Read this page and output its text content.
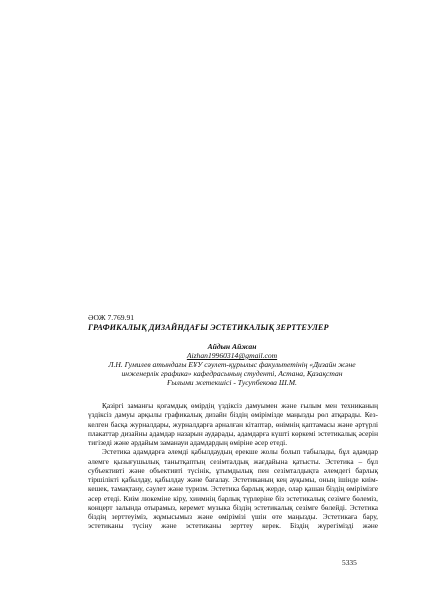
ӘОЖ 7.769.91
ГРАФИКАЛЫҚ ДИЗАЙНДАҒЫ ЭСТЕТИКАЛЫҚ ЗЕРТТЕУЛЕР
Айдын Айжан
Aizhan19960314@gmail.com
Л.Н. Гумилев атындағы ЕҰУ сәулет-құрылыс факультетінің «Дизайн және
инженерлік графика» кафедрасының студенті, Астана, Қазақстан
Ғылыми жетекшісі - Тусупбекова Ш.М.

Қазіргі заманғы қоғамдық өмірдің үздіксіз дамуымен және ғылым мен техниканың
үздіксіз дамуы арқылы графикалық дизайн біздің өмірімізде маңызды рөл атқарады. Кез-
келген басқа журналдары, журналдарға арналған кітаптар, өнімнің қаптамасы және әртүрлі
плакаттар дизайны адамдар назарын аударады, адамдарға күшті көркемі эстетикалық әсерін
тигізеді және әрдайым заманауи адамдардың өміріне әсер етеді.

Эстетика адамдарға әлемді қабылдаудың ерекше жолы болып табылады, бұл адамдар
әлемге қызығушылық танытқаптың сезімталдық жағдайына қатысты. Эстетика – бұл
субъективті және объективті түсінік, ұтымдылық пен сезімталдықта әлемдегі барлық
тіршілікті қабылдау, қабылдау және бағалау. Эстетиканың кең ауқымы, оның ішінде киім-
кешек, тамақтану, сәулет және туризм. Эстетика барлық жерде, олар қашан біздің өмірімізге
әсер етеді. Киім люкеміне кіру, хиимнің барлық түрлеріне біз эстетикалық сезімге бөлеміз,
концерт залында отырамыз, керемет музыка біздің эстетикалық сезімге бөлейді. Эстетика
біздің зерттеуіміз, жұмысымыз және өмірімізі үшін өте маңызды. Эстетикаға бару,
эстетиканы түсіну және эстетиканы зерттеу керек. Біздің жүрегімізді және

5335
